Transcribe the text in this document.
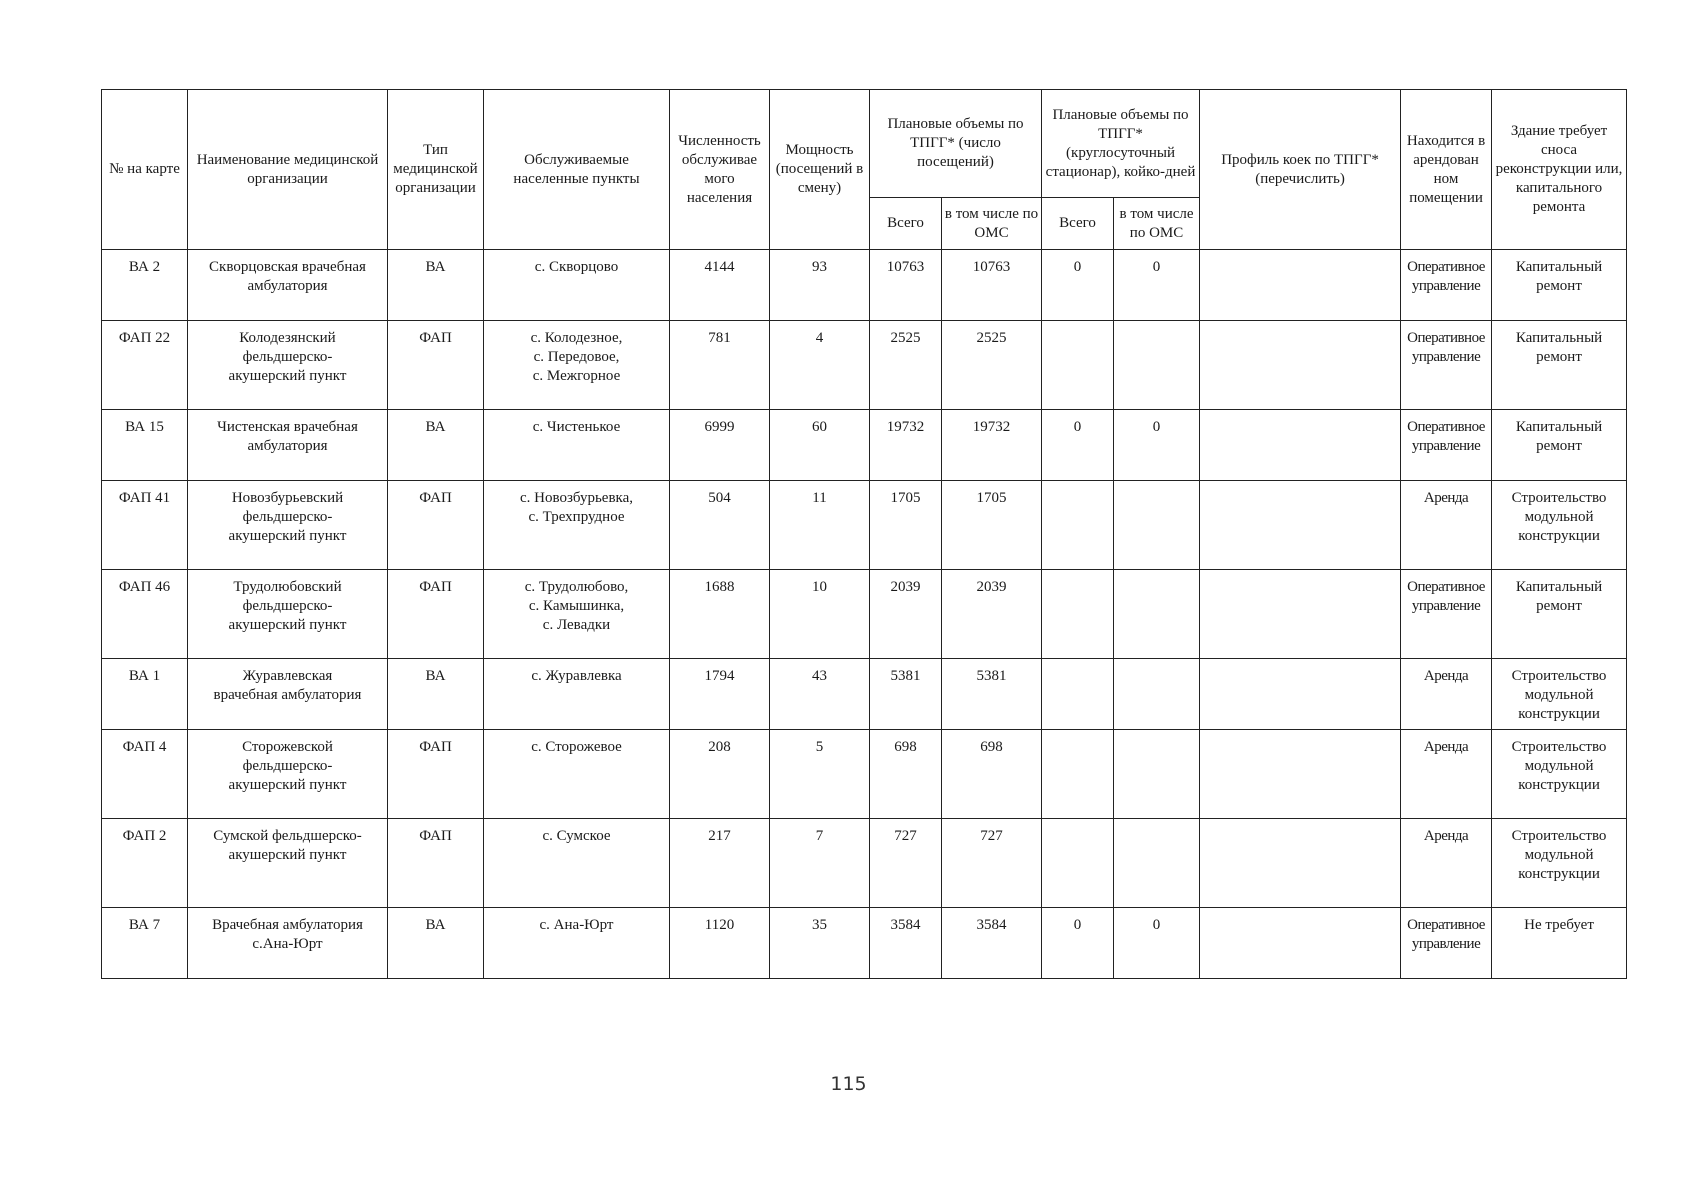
№ на карте	Наименование медицинской организации	Тип медицинской организации	Обслуживаемые населенные пункты	Численность обслуживае мого населения	Мощность (посещений в смену)	Плановые объемы по ТПГГ* (число посещений)		Плановые объемы по ТПГГ* (круглосуточный стационар), койко-дней		Профиль коек по ТПГГ* (перечислить)	Находится в арендован ном помещении	Здание требует сноса реконструкции или, капитального ремонта
						Всего	в том числе по ОМС	Всего	в том числе по ОМС			
ВА 2	Скворцовская врачебная
амбулатория	ВА	с. Скворцово	4144	93	10763	10763	0	0		Оперативное
управление	Капитальный
ремонт

ФАП 22	Колодезянский
фельдшерско-
акушерский пункт	ФАП	с. Колодезное,
с. Передовое,
с. Межгорное	781	4	2525	2525				Оперативное
управление	Капитальный
ремонт

ВА 15	Чистенская врачебная
амбулатория	ВА	с. Чистенькое	6999	60	19732	19732	0	0		Оперативное
управление	Капитальный
ремонт

ФАП 41	Новозбурьевский
фельдшерско-
акушерский пункт	ФАП	с. Новозбурьевка,
с. Трехпрудное	504	11	1705	1705				Аренда	Строительство
модульной
конструкции

ФАП 46	Трудолюбовский
фельдшерско-
акушерский пункт	ФАП	с. Трудолюбово,
с. Камышинка,
с. Левадки	1688	10	2039	2039				Оперативное
управление	Капитальный
ремонт

ВА 1	Журавлевская
врачебная амбулатория	ВА	с. Журавлевка	1794	43	5381	5381				Аренда	Строительство
модульной
конструкции

ФАП 4	Сторожевской
фельдшерско-
акушерский пункт	ФАП	с. Сторожевое	208	5	698	698				Аренда	Строительство
модульной
конструкции

ФАП 2	Сумской фельдшерско-
акушерский пункт	ФАП	с. Сумское	217	7	727	727				Аренда	Строительство
модульной
конструкции

ВА 7	Врачебная амбулатория
с.Ана-Юрт	ВА	с. Ана-Юрт	1120	35	3584	3584	0	0		Оперативное
управление	Не требует
115
